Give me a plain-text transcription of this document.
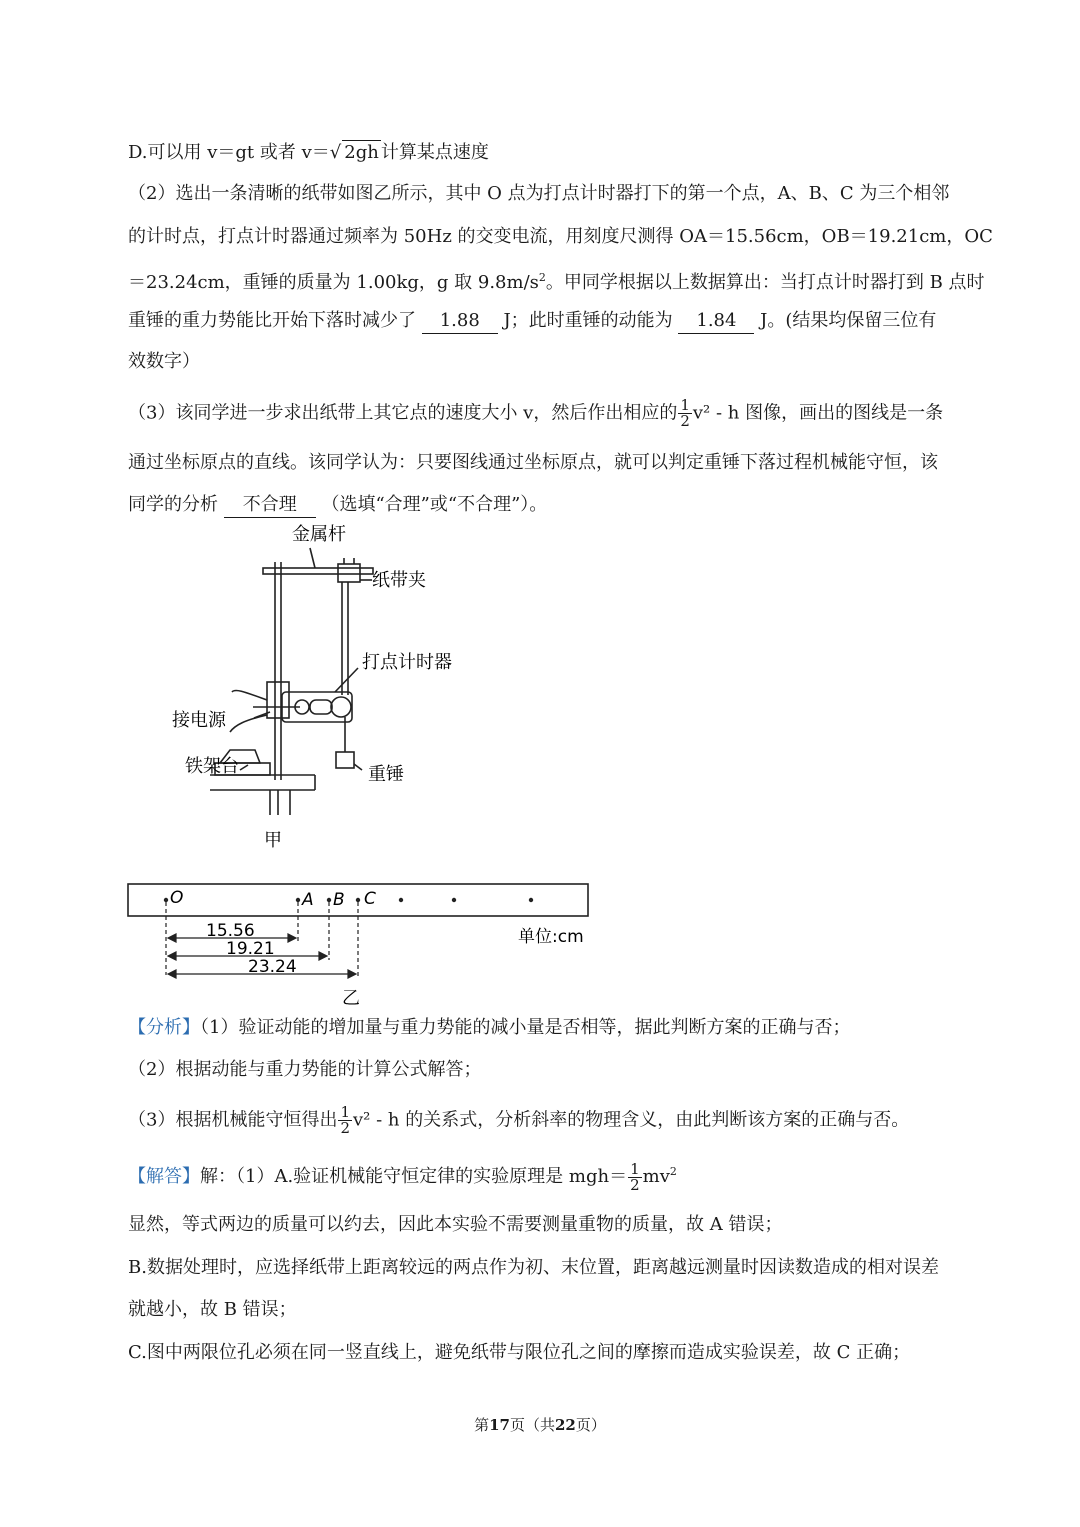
D.可以用 v＝gt 或者 v＝√ 2gh 计算某点速度
（2）选出一条清晰的纸带如图乙所示，其中 O 点为打点计时器打下的第一个点，A、B、C 为三个相邻
的计时点，打点计时器通过频率为 50Hz 的交变电流，用刻度尺测得 OA＝15.56cm，OB＝19.21cm，OC
＝23.24cm，重锤的质量为 1.00kg，g 取 $9.8m/s^2$。甲同学根据以上数据算出：当打点计时器打到 B 点时
重锤的重力势能比开始下落时减少了 1.88 J；此时重锤的动能为 1.84 J。(结果均保留三位有
效数字）
（3）该同学进一步求出纸带上其它点的速度大小 v，然后作出相应的 $\frac{1}{2} v^2$ - h 图像，画出的图线是一条
通过坐标原点的直线。该同学认为：只要图线通过坐标原点，就可以判定重锤下落过程机械能守恒，该
同学的分析 不合理 （选填“合理”或“不合理”）。
金属杆
纸带夹
打点计时器
接电源
铁架台	重锤
甲
O	A B C
15.56
19.21
23.24
单位:cm
乙
【分析】（1）验证动能的增加量与重力势能的减小量是否相等，据此判断方案的正确与否；
（2）根据动能与重力势能的计算公式解答；
（3）根据机械能守恒得出 $\frac{1}{2} v^2$ - h 的关系式，分析斜率的物理含义，由此判断该方案的正确与否。
【解答】解：（1）A.验证机械能守恒定律的实验原理是 $mgh= \frac{1}{2} mv^2$
显然，等式两边的质量可以约去，因此本实验不需要测量重物的质量，故 A 错误；
B.数据处理时，应选择纸带上距离较远的两点作为初、末位置，距离越远测量时因读数造成的相对误差
就越小，故 B 错误；
C.图中两限位孔必须在同一竖直线上，避免纸带与限位孔之间的摩擦而造成实验误差，故 C 正确；
第17页（共22页）
